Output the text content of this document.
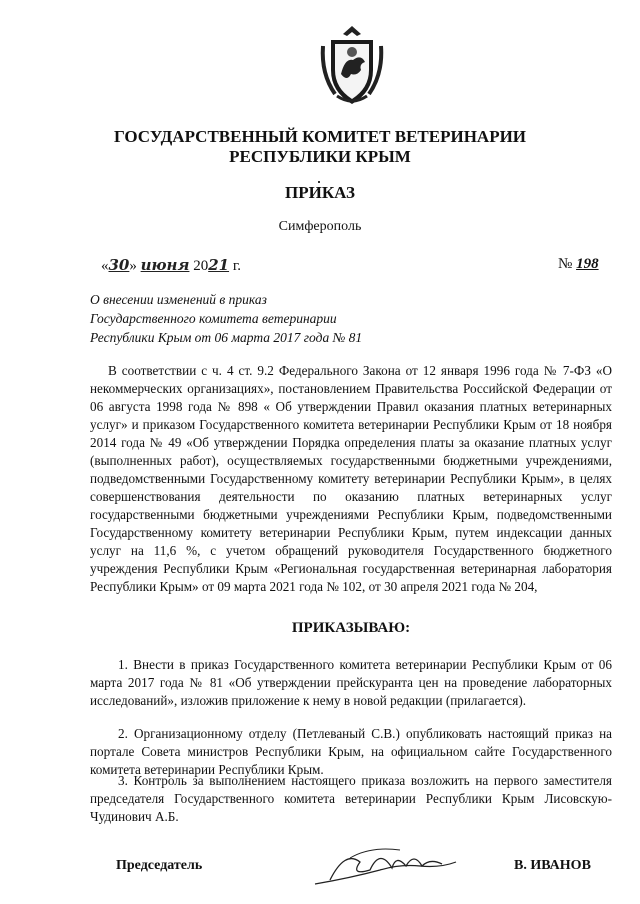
ГОСУДАРСТВЕННЫЙ КОМИТЕТ ВЕТЕРИНАРИИ
РЕСПУБЛИКИ КРЫМ
ПРИКАЗ
Симферополь
«30» июня 2021 г.	№ 198
О внесении изменений в приказ
Государственного комитета ветеринарии
Республики Крым от 06 марта 2017 года № 81
В соответствии с ч. 4 ст. 9.2 Федерального Закона от 12 января 1996 года № 7-ФЗ «О некоммерческих организациях», постановлением Правительства Российской Федерации от 06 августа 1998 года № 898 « Об утверждении Правил оказания платных ветеринарных услуг» и приказом Государственного комитета ветеринарии Республики Крым от 18 ноября 2014 года № 49 «Об утверждении Порядка определения платы за оказание платных услуг (выполненных работ), осуществляемых государственными бюджетными учреждениями, подведомственными Государственному комитету ветеринарии Республики Крым», в целях совершенствования деятельности по оказанию платных ветеринарных услуг государственными бюджетными учреждениями Республики Крым, подведомственными Государственному комитету ветеринарии Республики Крым, путем индексации данных услуг на 11,6 %, с учетом обращений руководителя Государственного бюджетного учреждения Республики Крым «Региональная государственная ветеринарная лаборатория Республики Крым» от 09 марта 2021 года № 102, от 30 апреля 2021 года № 204,
ПРИКАЗЫВАЮ:
1. Внести в приказ Государственного комитета ветеринарии Республики Крым от 06 марта 2017 года № 81 «Об утверждении прейскуранта цен на проведение лабораторных исследований», изложив приложение к нему в новой редакции (прилагается).
2. Организационному отделу (Петлеваный С.В.) опубликовать настоящий приказ на портале Совета министров Республики Крым, на официальном сайте Государственного комитета ветеринарии Республики Крым.
3. Контроль за выполнением настоящего приказа возложить на первого заместителя председателя Государственного комитета ветеринарии Республики Крым Лисовскую-Чудинович А.Б.
Председатель	В. ИВАНОВ
